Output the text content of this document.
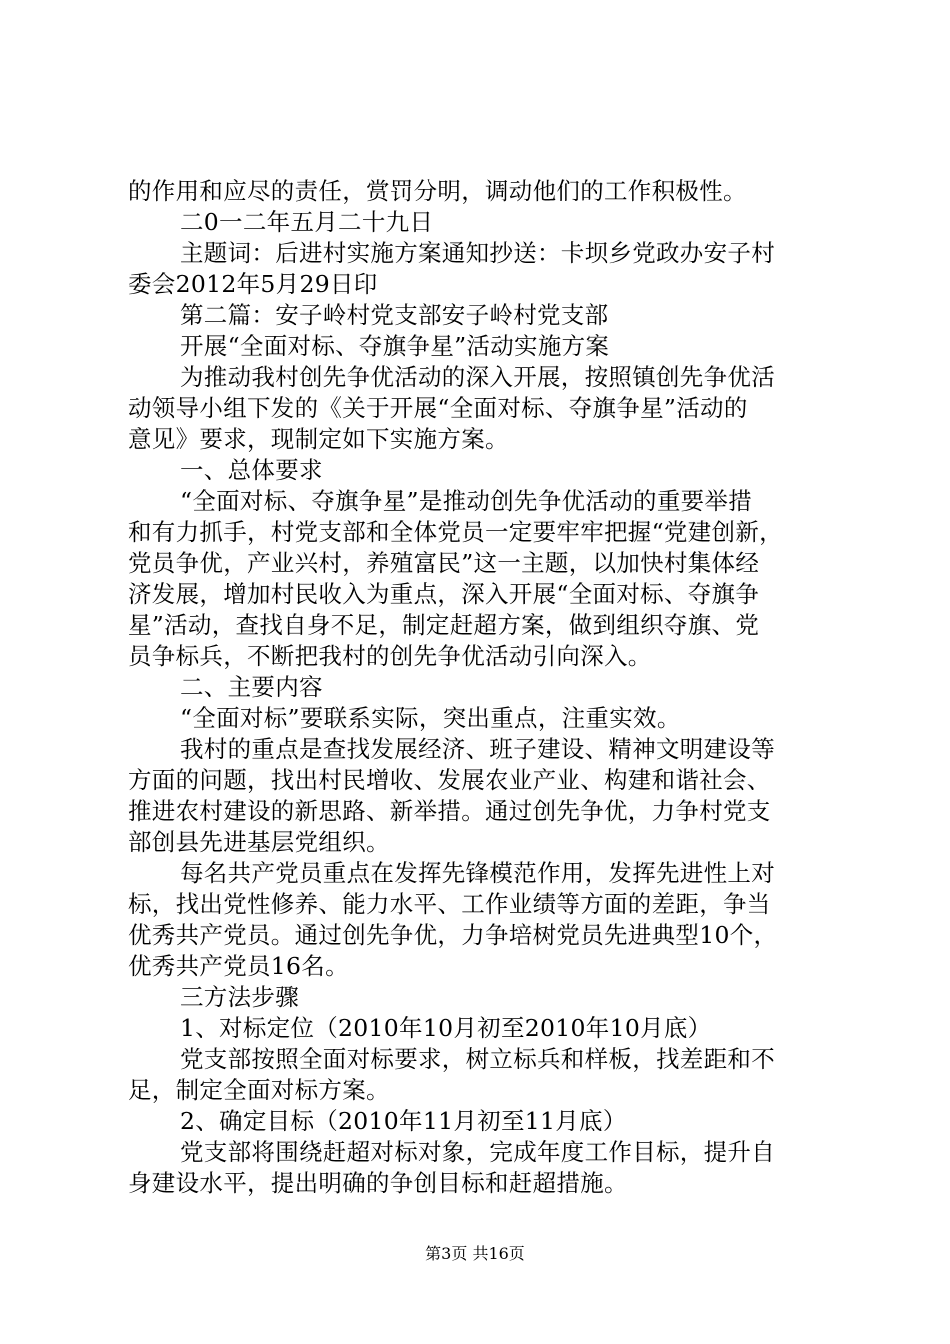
的作用和应尽的责任，赏罚分明，调动他们的工作积极性。
二0一二年五月二十九日
主题词：后进村实施方案通知抄送：卡坝乡党政办安子村
委会2012年5月29日印
第二篇：安子岭村党支部安子岭村党支部
开展“全面对标、夺旗争星”活动实施方案
为推动我村创先争优活动的深入开展，按照镇创先争优活
动领导小组下发的《关于开展“全面对标、夺旗争星”活动的
意见》要求，现制定如下实施方案。
一、总体要求
“全面对标、夺旗争星”是推动创先争优活动的重要举措
和有力抓手，村党支部和全体党员一定要牢牢把握“党建创新，
党员争优，产业兴村，养殖富民”这一主题，以加快村集体经
济发展，增加村民收入为重点，深入开展“全面对标、夺旗争
星”活动，查找自身不足，制定赶超方案，做到组织夺旗、党
员争标兵，不断把我村的创先争优活动引向深入。
二、主要内容
“全面对标”要联系实际，突出重点，注重实效。
我村的重点是查找发展经济、班子建设、精神文明建设等
方面的问题，找出村民增收、发展农业产业、构建和谐社会、
推进农村建设的新思路、新举措。通过创先争优，力争村党支
部创县先进基层党组织。
每名共产党员重点在发挥先锋模范作用，发挥先进性上对
标，找出党性修养、能力水平、工作业绩等方面的差距，争当
优秀共产党员。通过创先争优，力争培树党员先进典型10个，
优秀共产党员16名。
三方法步骤
1、对标定位（2010年10月初至2010年10月底）
党支部按照全面对标要求，树立标兵和样板，找差距和不
足，制定全面对标方案。
2、确定目标（2010年11月初至11月底）
党支部将围绕赶超对标对象，完成年度工作目标，提升自
身建设水平，提出明确的争创目标和赶超措施。
第3页 共16页
